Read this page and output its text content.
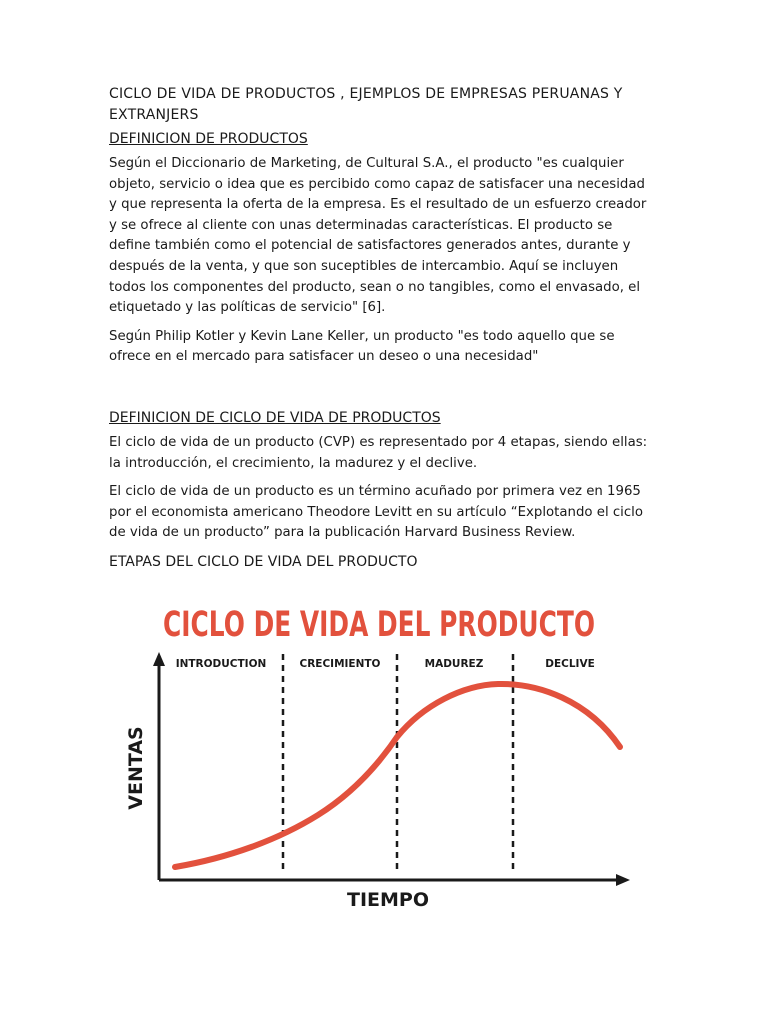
CICLO DE VIDA DE PRODUCTOS , EJEMPLOS DE EMPRESAS PERUANAS Y EXTRANJERS

DEFINICION DE PRODUCTOS

Según el Diccionario de Marketing, de Cultural S.A., el producto "es cualquier objeto, servicio o idea que es percibido como capaz de satisfacer una necesidad y que representa la oferta de la empresa. Es el resultado de un esfuerzo creador y se ofrece al cliente con unas determinadas características. El producto se define también como el potencial de satisfactores generados antes, durante y después de la venta, y que son suceptibles de intercambio. Aquí se incluyen todos los componentes del producto, sean o no tangibles, como el envasado, el etiquetado y las políticas de servicio" [6].

Según Philip Kotler y Kevin Lane Keller, un producto "es todo aquello que se ofrece en el mercado para satisfacer un deseo o una necesidad"

DEFINICION DE CICLO DE VIDA DE PRODUCTOS

El ciclo de vida de un producto (CVP) es representado por 4 etapas, siendo ellas: la introducción, el crecimiento, la madurez y el declive.

El ciclo de vida de un producto es un término acuñado por primera vez en 1965 por el economista americano Theodore Levitt en su artículo “Explotando el ciclo de vida de un producto” para la publicación Harvard Business Review.

ETAPAS DEL CICLO DE VIDA DEL PRODUCTO

CICLO DE VIDA DEL PRODUCTO
INTRODUCTION	CRECIMIENTO	MADUREZ	DECLIVE
VENTAS
TIEMPO
